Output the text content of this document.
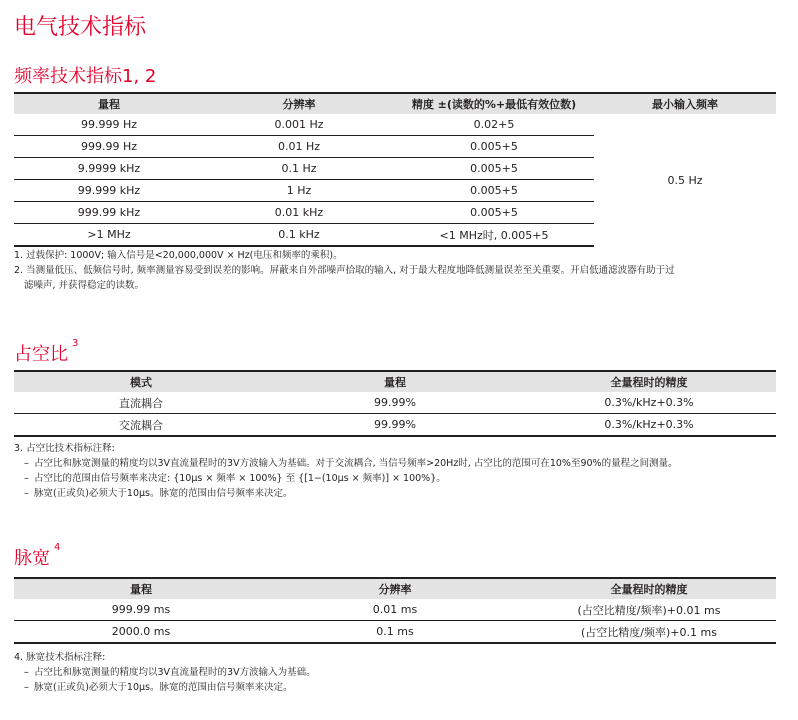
电气技术指标
频率技术指标1, 2
量程	分辨率	精度 ±(读数的%+最低有效位数)	最小输入频率
99.999 Hz	0.001 Hz	0.02+5	0.5 Hz
999.99 Hz	0.01 Hz	0.005+5	
9.9999 kHz	0.1 Hz	0.005+5	
99.999 kHz	1 Hz	0.005+5	
999.99 kHz	0.01 kHz	0.005+5	
>1 MHz	0.1 kHz	<1 MHz时, 0.005+5	
1. 过载保护: 1000V; 输入信号是<20,000,000V × Hz(电压和频率的乘积)。
2. 当测量低压、低频信号时, 频率测量容易受到误差的影响。屏蔽来自外部噪声拾取的输入, 对于最大程度地降低测量误差至关重要。开启低通滤波器有助于过
滤噪声, 并获得稳定的读数。
占空比$^3$
模式	量程	全量程时的精度
直流耦合	99.99%	0.3%/kHz+0.3%
交流耦合	99.99%	0.3%/kHz+0.3%
3. 占空比技术指标注释:
– 占空比和脉宽测量的精度均以3V直流量程时的3V方波输入为基础。对于交流耦合, 当信号频率>20Hz时, 占空比的范围可在10%至90%的量程之间测量。
– 占空比的范围由信号频率来决定: {10μs × 频率 × 100%} 至 {[1−(10μs × 频率)] × 100%}。
– 脉宽(正或负)必须大于10μs。脉宽的范围由信号频率来决定。
脉宽$^4$
量程	分辨率	全量程时的精度
999.99 ms	0.01 ms	(占空比精度/频率)+0.01 ms
2000.0 ms	0.1 ms	(占空比精度/频率)+0.1 ms
4. 脉宽技术指标注释:
– 占空比和脉宽测量的精度均以3V直流量程时的3V方波输入为基础。
– 脉宽(正或负)必须大于10μs。脉宽的范围由信号频率来决定。
